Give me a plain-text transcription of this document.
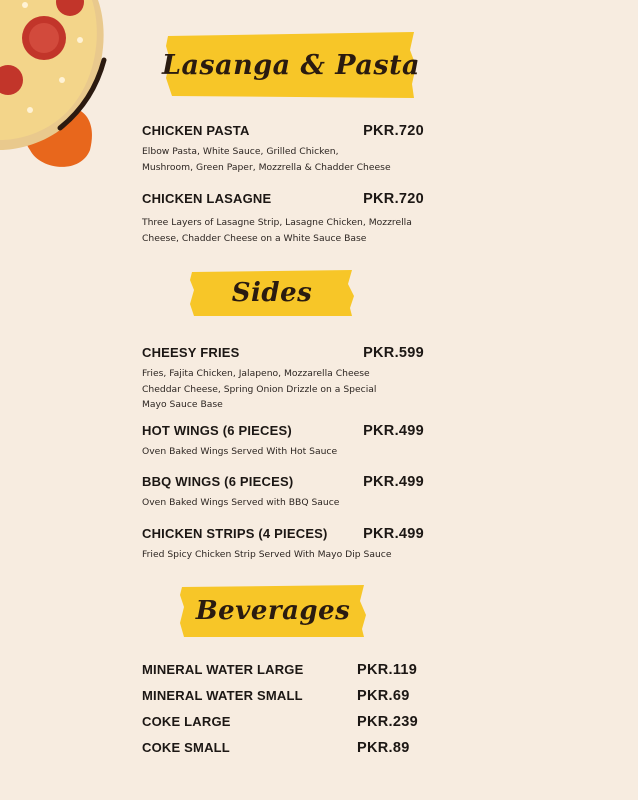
Lasanga & Pasta
CHICKEN PASTA	PKR.720
Elbow Pasta, White Sauce, Grilled Chicken, Mushroom, Green Paper, Mozzrella & Chadder Cheese
CHICKEN LASAGNE	PKR.720
Three Layers of Lasagne Strip, Lasagne Chicken, Mozzrella Cheese, Chadder Cheese on a White Sauce Base
Sides
CHEESY FRIES	PKR.599
Fries, Fajita Chicken, Jalapeno, Mozzarella Cheese Cheddar Cheese, Spring Onion Drizzle on a Special Mayo Sauce Base
HOT WINGS (6 PIECES)	PKR.499
Oven Baked Wings Served With Hot Sauce
BBQ WINGS (6 PIECES)	PKR.499
Oven Baked Wings Served with BBQ Sauce
CHICKEN STRIPS (4 PIECES) PKR.499
Fried Spicy Chicken Strip Served With Mayo Dip Sauce
Beverages
MINERAL WATER LARGE	PKR.119
MINERAL WATER SMALL	PKR.69
COKE LARGE	PKR.239
COKE SMALL	PKR.89
